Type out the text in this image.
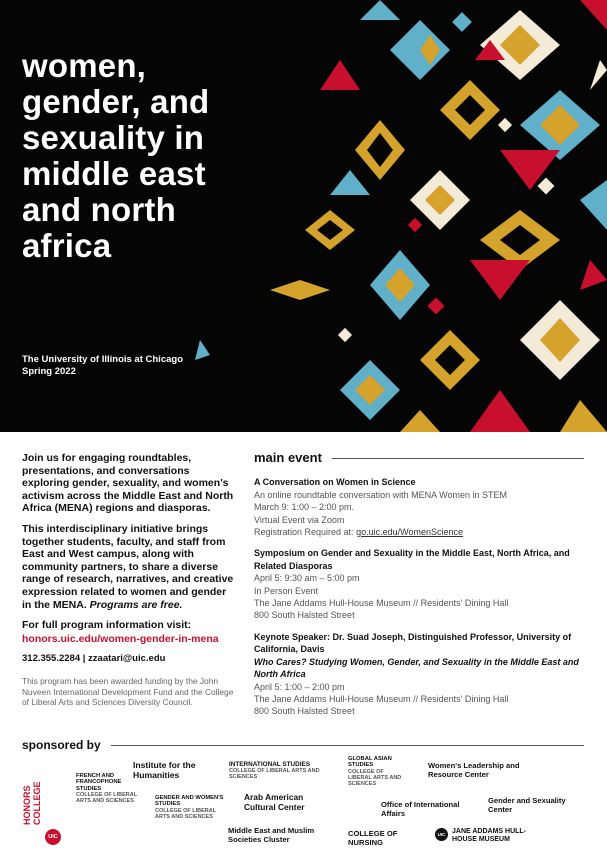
women,
gender, and
sexuality in
middle east
and north
africa
The University of Illinois at Chicago
Spring 2022

Join us for engaging roundtables, presentations, and conversations exploring gender, sexuality, and women's activism across the Middle East and North Africa (MENA) regions and diasporas.

This interdisciplinary initiative brings together students, faculty, and staff from East and West campus, along with community partners, to share a diverse range of research, narratives, and creative expression related to women and gender in the MENA. Programs are free.

For full program information visit:

honors.uic.edu/women-gender-in-mena

312.355.2284 | zzaatari@uic.edu

This program has been awarded funding by the John Nuveen International Development Fund and the College of Liberal Arts and Sciences Diversity Council.

main event
A Conversation on Women in Science
An online roundtable conversation with MENA Women in STEM
March 9: 1:00 – 2:00 pm.
Virtual Event via Zoom
Registration Required at: go.uic.edu/WomenScience
Symposium on Gender and Sexuality in the Middle East, North Africa, and Related Diasporas
April 5: 9:30 am – 5:00 pm
In Person Event
The Jane Addams Hull-House Museum // Residents' Dining Hall
800 South Halsted Street
Keynote Speaker: Dr. Suad Joseph, Distinguished Professor, University of California, Davis
Who Cares? Studying Women, Gender, and Sexuality in the Middle East and North Africa
April 5: 1:00 – 2:00 pm
The Jane Addams Hull-House Museum // Residents' Dining Hall
800 South Halsted Street
sponsored by
HONORS COLLEGE
UIC
FRENCH AND FRANCOPHONE STUDIES
COLLEGE OF LIBERAL ARTS AND SCIENCES
Institute for the Humanities
GENDER AND WOMEN'S STUDIES
COLLEGE OF LIBERAL ARTS AND SCIENCES
INTERNATIONAL STUDIES
COLLEGE OF LIBERAL ARTS AND SCIENCES
Arab American Cultural Center
GLOBAL ASIAN STUDIES
COLLEGE OF LIBERAL ARTS AND SCIENCES
Women's Leadership and Resource Center
Office of International Affairs
Gender and Sexuality Center
Middle East and Muslim Societies Cluster
COLLEGE OF NURSING
UIC JANE ADDAMS HULL-HOUSE MUSEUM
